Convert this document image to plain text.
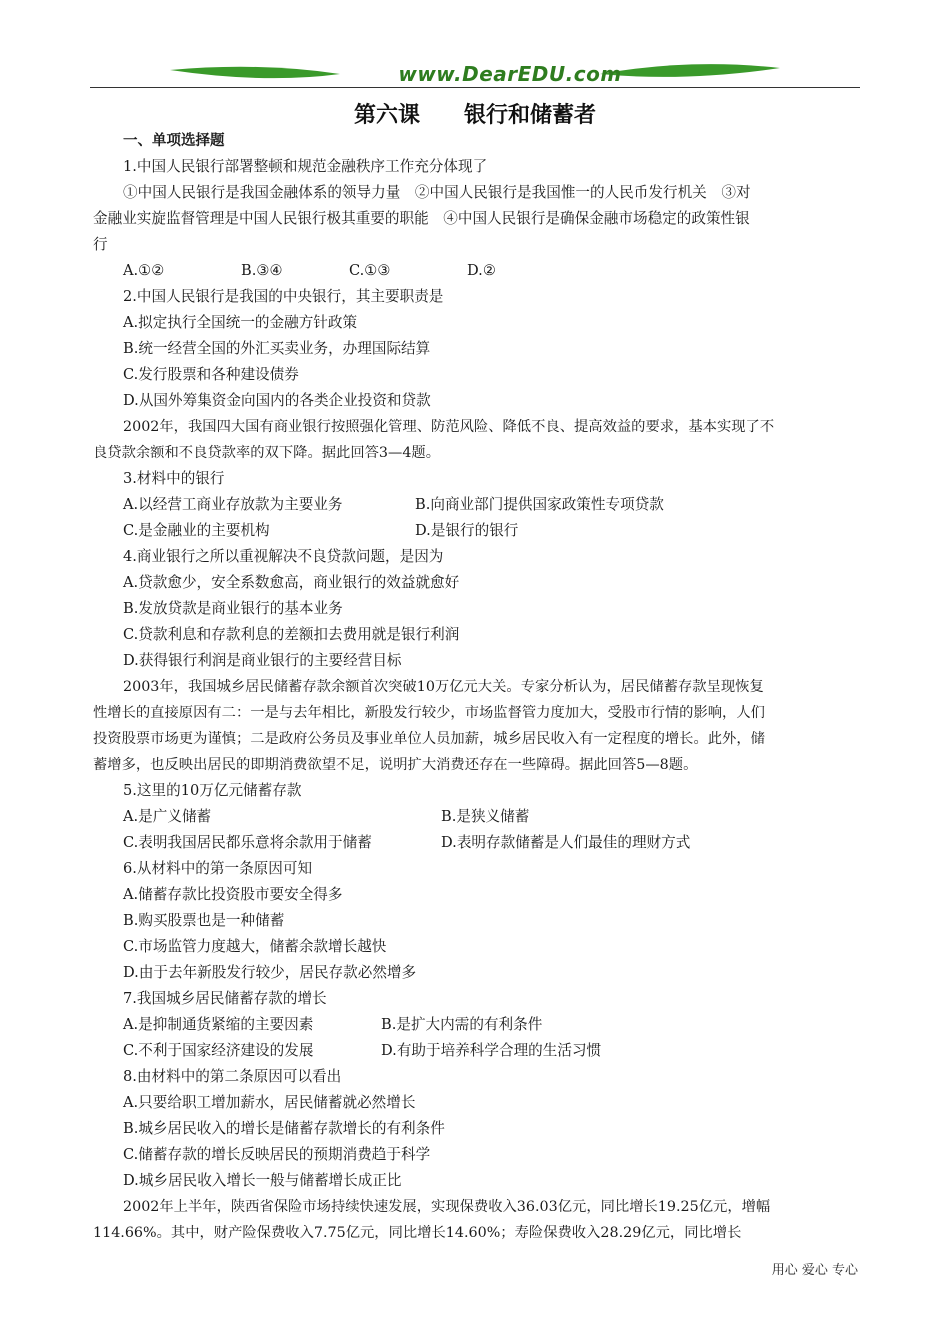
www.DearEDU.com
第六课　　银行和储蓄者
一、单项选择题
1.中国人民银行部署整顿和规范金融秩序工作充分体现了
①中国人民银行是我国金融体系的领导力量　②中国人民银行是我国惟一的人民币发行机关　③对
金融业实旋监督管理是中国人民银行极其重要的职能　④中国人民银行是确保金融市场稳定的政策性银
行
A.①②	B.③④	C.①③	D.②
2.中国人民银行是我国的中央银行，其主要职责是
A.拟定执行全国统一的金融方针政策
B.统一经营全国的外汇买卖业务，办理国际结算
C.发行股票和各种建设债券
D.从国外筹集资金向国内的各类企业投资和贷款
2002年，我国四大国有商业银行按照强化管理、防范风险、降低不良、提高效益的要求，基本实现了不
良贷款余额和不良贷款率的双下降。据此回答3—4题。
3.材料中的银行
A.以经营工商业存放款为主要业务	B.向商业部门提供国家政策性专项贷款
C.是金融业的主要机构	D.是银行的银行
4.商业银行之所以重视解决不良贷款问题，是因为
A.贷款愈少，安全系数愈高，商业银行的效益就愈好
B.发放贷款是商业银行的基本业务
C.贷款利息和存款利息的差额扣去费用就是银行利润
D.获得银行利润是商业银行的主要经营目标
2003年，我国城乡居民储蓄存款余额首次突破10万亿元大关。专家分析认为，居民储蓄存款呈现恢复
性增长的直接原因有二：一是与去年相比，新股发行较少，市场监督管力度加大，受股市行情的影响，人们
投资股票市场更为谨慎；二是政府公务员及事业单位人员加薪，城乡居民收入有一定程度的增长。此外，储
蓄增多，也反映出居民的即期消费欲望不足，说明扩大消费还存在一些障碍。据此回答5—8题。
5.这里的10万亿元储蓄存款
A.是广义储蓄	B.是狭义储蓄
C.表明我国居民都乐意将余款用于储蓄	D.表明存款储蓄是人们最佳的理财方式
6.从材料中的第一条原因可知
A.储蓄存款比投资股市要安全得多
B.购买股票也是一种储蓄
C.市场监管力度越大，储蓄余款增长越快
D.由于去年新股发行较少，居民存款必然增多
7.我国城乡居民储蓄存款的增长
A.是抑制通货紧缩的主要因素	B.是扩大内需的有利条件
C.不利于国家经济建设的发展	D.有助于培养科学合理的生活习惯
8.由材料中的第二条原因可以看出
A.只要给职工增加薪水，居民储蓄就必然增长
B.城乡居民收入的增长是储蓄存款增长的有利条件
C.储蓄存款的增长反映居民的预期消费趋于科学
D.城乡居民收入增长一般与储蓄增长成正比
2002年上半年，陕西省保险市场持续快速发展，实现保费收入36.03亿元，同比增长19.25亿元，增幅
114.66%。其中，财产险保费收入7.75亿元，同比增长14.60%；寿险保费收入28.29亿元，同比增长
用心 爱心 专心
